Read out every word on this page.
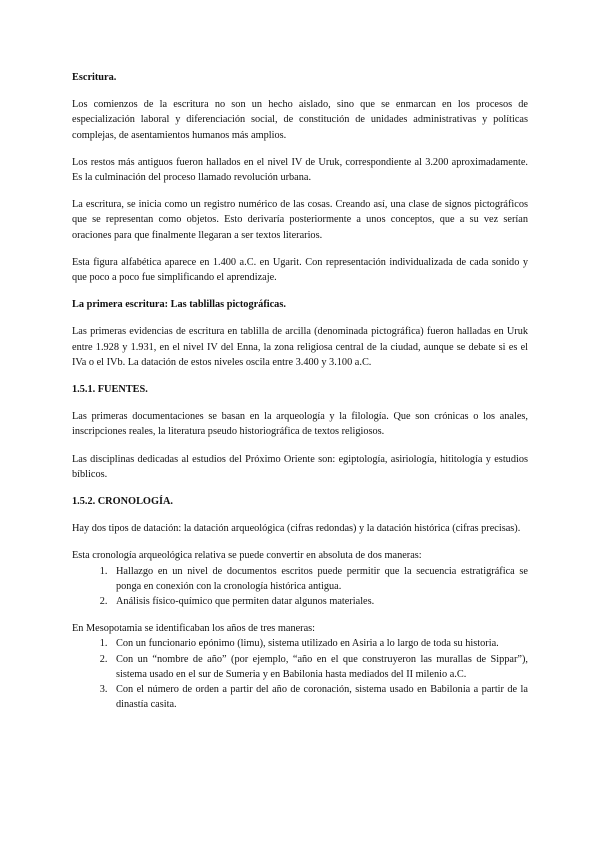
Escritura.

Los comienzos de la escritura no son un hecho aislado, sino que se enmarcan en los procesos de especialización laboral y diferenciación social, de constitución de unidades administrativas y políticas complejas, de asentamientos humanos más amplios.

Los restos más antiguos fueron hallados en el nivel IV de Uruk, correspondiente al 3.200 aproximadamente. Es la culminación del proceso llamado revolución urbana.

La escritura, se inicia como un registro numérico de las cosas. Creando así, una clase de signos pictográficos que se representan como objetos. Esto derivaría posteriormente a unos conceptos, que a su vez serían oraciones para que finalmente llegaran a ser textos literarios.

Esta figura alfabética aparece en 1.400 a.C. en Ugarit. Con representación individualizada de cada sonido y que poco a poco fue simplificando el aprendizaje.

La primera escritura: Las tablillas pictográficas.

Las primeras evidencias de escritura en tablilla de arcilla (denominada pictográfica) fueron halladas en Uruk entre 1.928 y 1.931, en el nivel IV del Enna, la zona religiosa central de la ciudad, aunque se debate si es el IVa o el IVb. La datación de estos niveles oscila entre 3.400 y 3.100 a.C.

1.5.1. FUENTES.

Las primeras documentaciones se basan en la arqueología y la filología. Que son crónicas o los anales, inscripciones reales, la literatura pseudo historiográfica de textos religiosos.

Las disciplinas dedicadas al estudios del Próximo Oriente son: egiptología, asiriología, hititología y estudios bíblicos.

1.5.2. CRONOLOGÍA.

Hay dos tipos de datación: la datación arqueológica (cifras redondas) y la datación histórica (cifras precisas).

Esta cronología arqueológica relativa se puede convertir en absoluta de dos maneras:

1. Hallazgo en un nivel de documentos escritos puede permitir que la secuencia estratigráfica se ponga en conexión con la cronología histórica antigua.
2. Análisis físico-químico que permiten datar algunos materiales.

En Mesopotamia se identificaban los años de tres maneras:

1. Con un funcionario epónimo (limu), sistema utilizado en Asiria a lo largo de toda su historia.
2. Con un “nombre de año” (por ejemplo, “año en el que construyeron las murallas de Sippar”), sistema usado en el sur de Sumeria y en Babilonia hasta mediados del II milenio a.C.
3. Con el número de orden a partir del año de coronación, sistema usado en Babilonia a partir de la dinastía casita.
